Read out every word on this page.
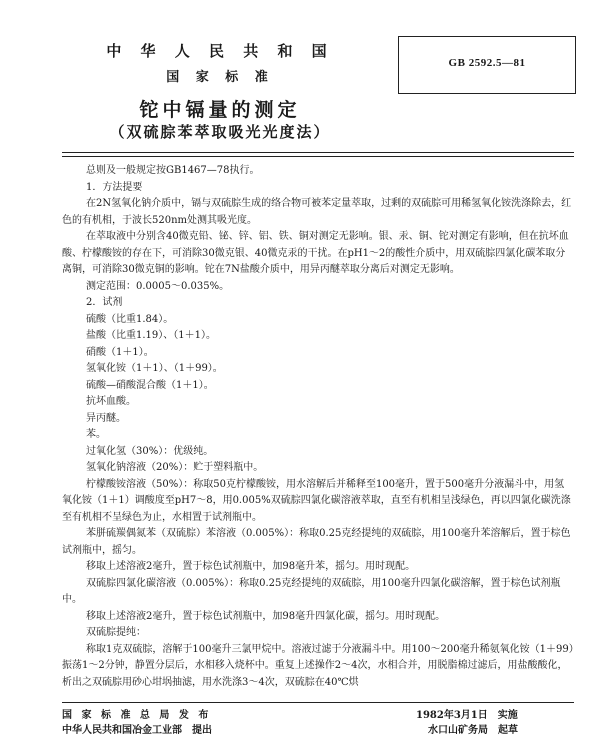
中 华 人 民 共 和 国
国 家 标 准
GB 2592.5—81
铊中镉量的测定
（双硫腙苯萃取吸光光度法）

总则及一般规定按GB1467—78执行。

1．方法提要

在2N氢氧化钠介质中，镉与双硫腙生成的络合物可被苯定量萃取，过剩的双硫腙可用稀氢氧化铵洗涤除去，红色的有机相，于波长520nm处测其吸光度。

在萃取液中分别含40微克铅、铋、锌、铝、铁、铜对测定无影响。银、汞、铜、铊对测定有影响，但在抗坏血酸、柠檬酸铵的存在下，可消除30微克银、40微克汞的干扰。在pH1～2的酸性介质中，用双硫腙四氯化碳苯取分离铜，可消除30微克铜的影响。铊在7N盐酸介质中，用异丙醚萃取分离后对测定无影响。

测定范围：0.0005～0.035%。

2．试剂

硫酸（比重1.84）。

盐酸（比重1.19）、（1＋1）。

硝酸（1＋1）。

氢氧化铵（1＋1）、（1＋99）。

硫酸—硝酸混合酸（1＋1）。

抗坏血酸。

异丙醚。

苯。

过氧化氢（30%）：优级纯。

氢氧化钠溶液（20%）：贮于塑料瓶中。

柠檬酸铵溶液（50%）：称取50克柠檬酸铵，用水溶解后并稀释至100毫升，置于500毫升分液漏斗中，用氢氧化铵（1＋1）调酸度至pH7～8，用0.005%双硫腙四氯化碳溶液萃取，直至有机相呈浅绿色，再以四氯化碳洗涤至有机相不呈绿色为止，水相置于试剂瓶中。

苯胼硫羰偶氮苯（双硫腙）苯溶液（0.005%）：称取0.25克经提纯的双硫腙，用100毫升苯溶解后，置于棕色试剂瓶中，摇匀。

移取上述溶液2毫升，置于棕色试剂瓶中，加98毫升苯，摇匀。用时现配。

双硫腙四氯化碳溶液（0.005%）：称取0.25克经提纯的双硫腙，用100毫升四氯化碳溶解，置于棕色试剂瓶中。

移取上述溶液2毫升，置于棕色试剂瓶中，加98毫升四氯化碳，摇匀。用时现配。

双硫腙提纯：

称取1克双硫腙，溶解于100毫升三氯甲烷中。溶液过滤于分液漏斗中。用100～200毫升稀氨氧化铵（1＋99）振荡1～2分钟，静置分层后，水相移入烧杯中。重复上述操作2～4次，水相合并，用脱脂棉过滤后，用盐酸酸化，析出之双硫腙用砂心坩埚抽滤，用水洗涤3～4次，双硫腙在40℃烘

国 家 标 准 总 局 发 布
中华人民共和国冶金工业部　提出
1982年3月1日　实施
水口山矿务局　起草
